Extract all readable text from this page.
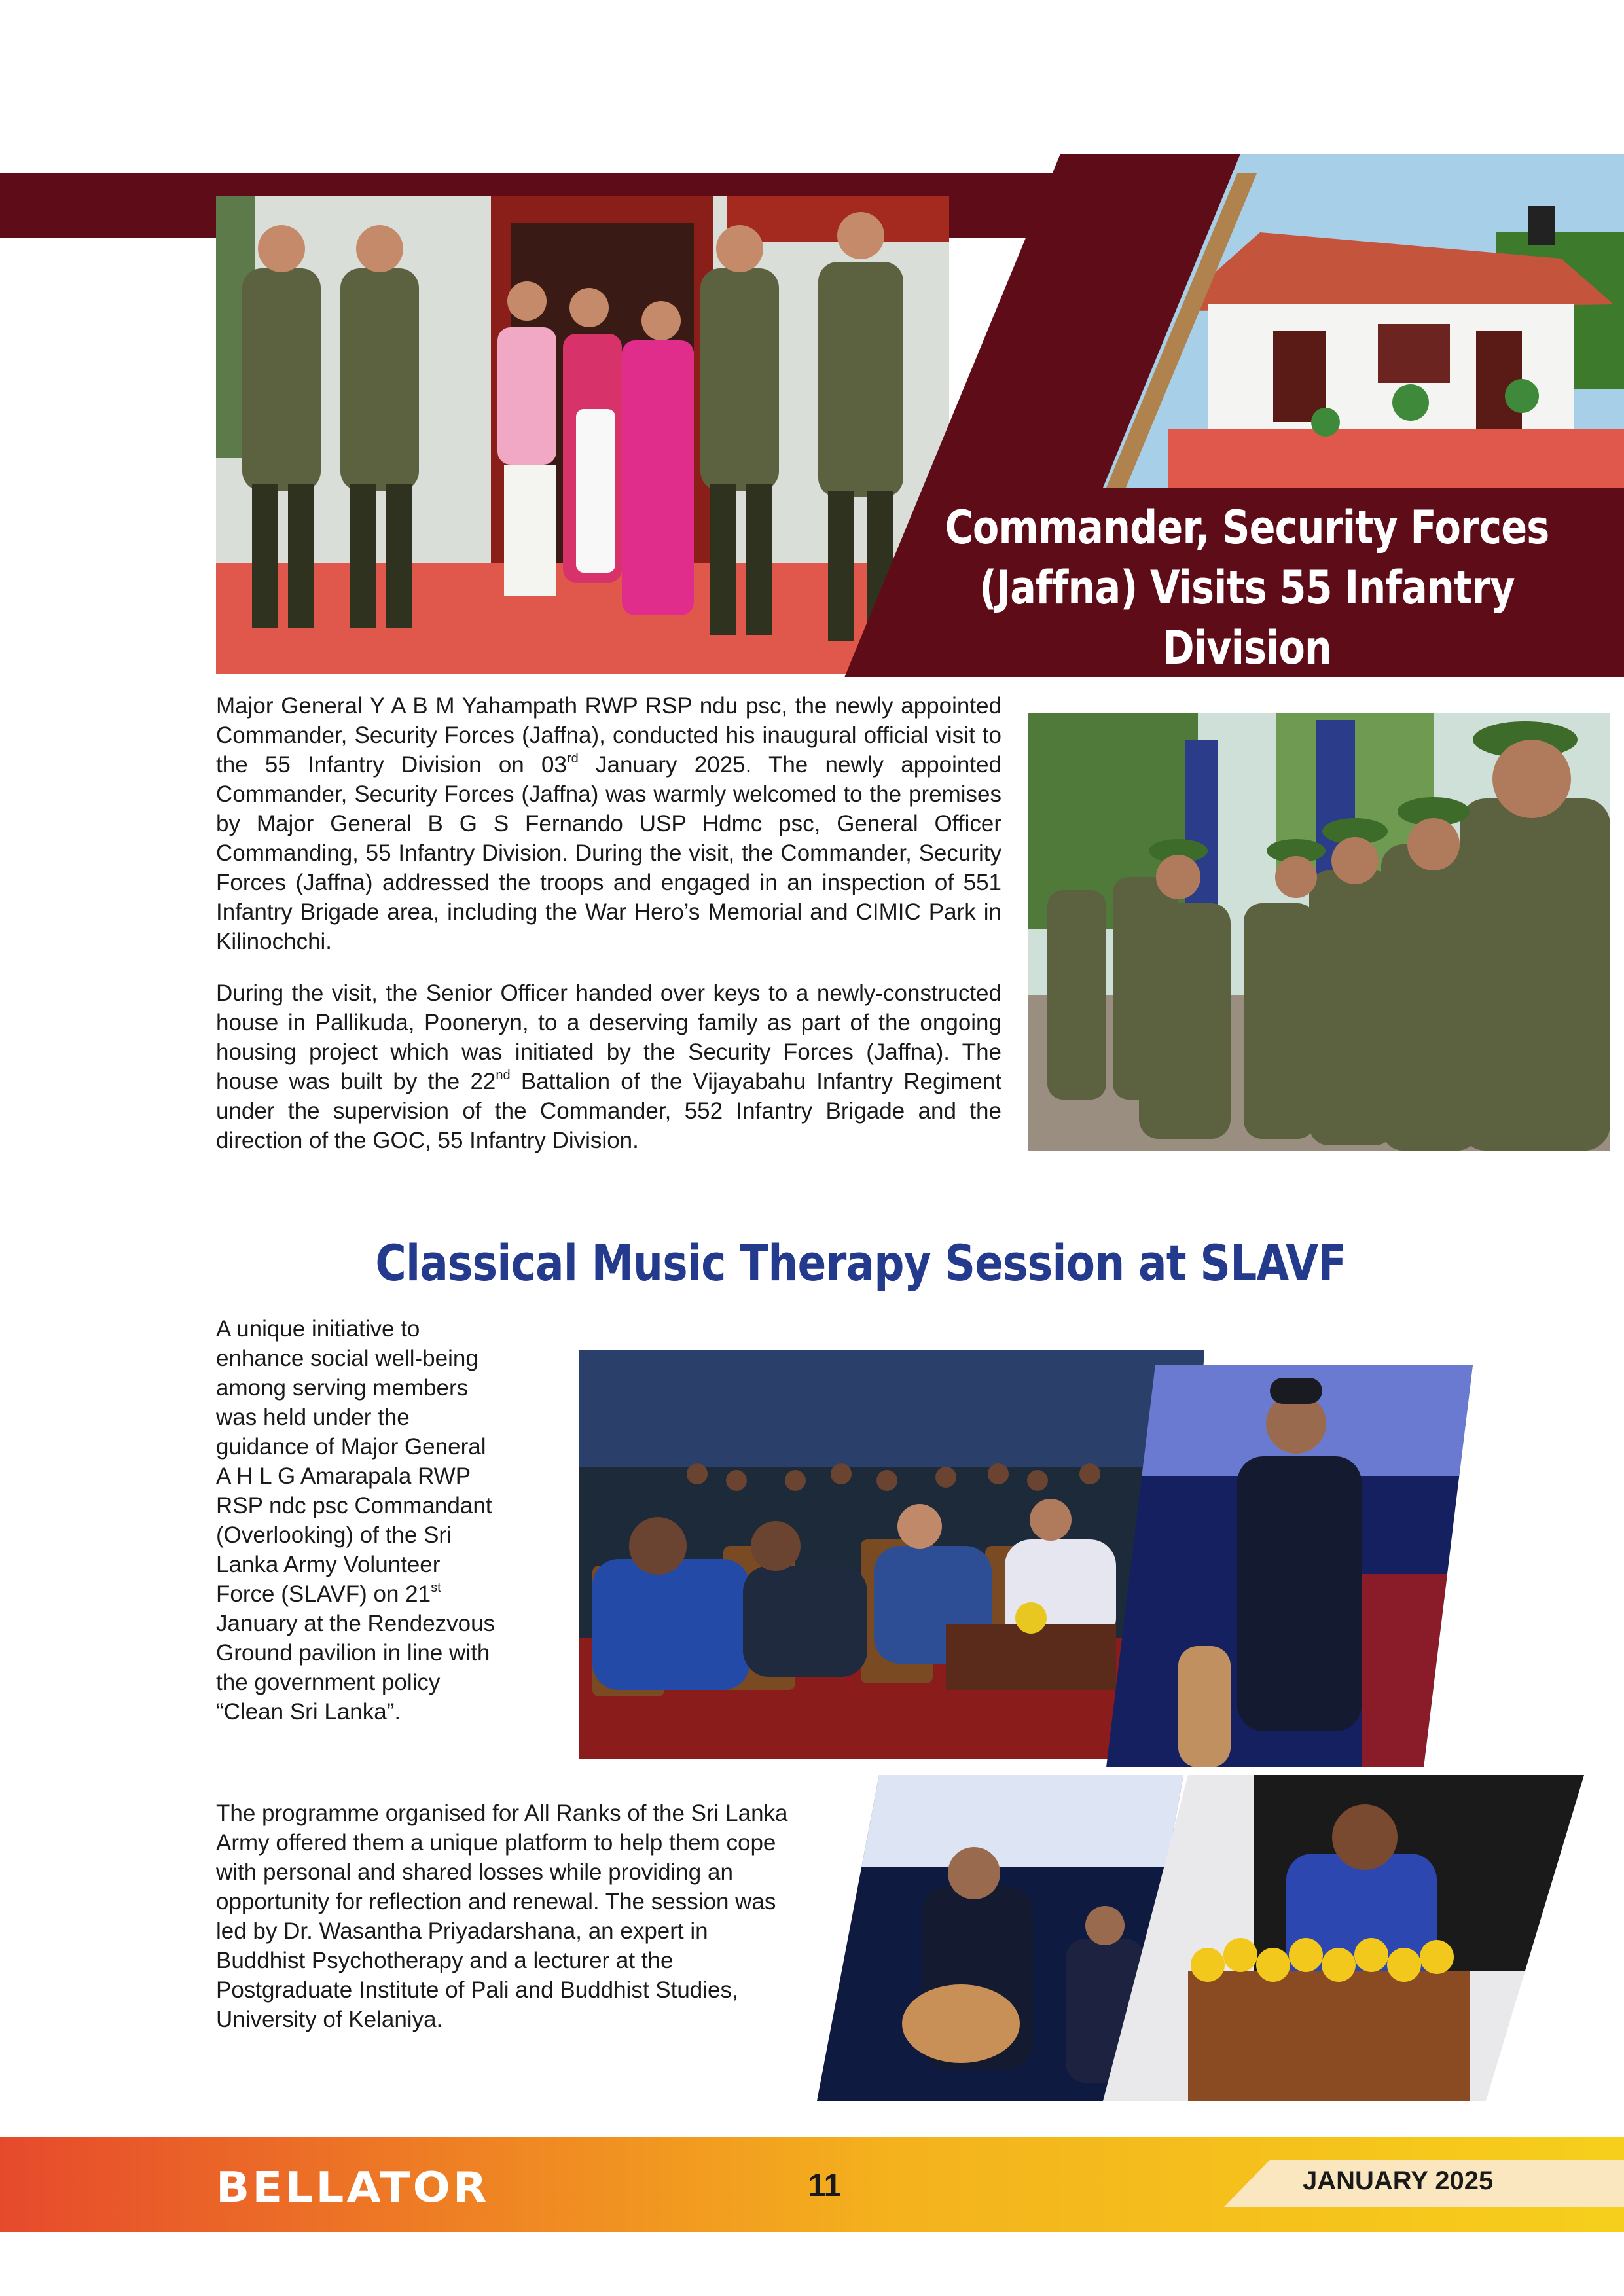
Commander, Security Forces (Jaffna) Visits 55 Infantry Division

Major General Y A B M Yahampath RWP RSP ndu psc, the newly appointed Commander, Security Forces (Jaffna), conducted his inaugural official visit to the 55 Infantry Division on 03rd January 2025. The newly appointed Commander, Security Forces (Jaffna) was warmly welcomed to the premises by Major General B G S Fernando USP Hdmc psc, General Officer Commanding, 55 Infantry Division. During the visit, the Commander, Security Forces (Jaffna) addressed the troops and engaged in an inspection of 551 Infantry Brigade area, including the War Hero’s Memorial and CIMIC Park in Kilinochchi.

During the visit, the Senior Officer handed over keys to a newly-constructed house in Pallikuda, Pooneryn, to a deserving family as part of the ongoing housing project which was initiated by the Security Forces (Jaffna). The house was built by the 22nd Battalion of the Vijayabahu Infantry Regiment under the supervision of the Commander, 552 Infantry Brigade and the direction of the GOC, 55 Infantry Division.

Classical Music Therapy Session at SLAVF

A unique initiative to enhance social well-being among serving members was held under the guidance of Major General A H L G Amarapala RWP RSP ndc psc Commandant (Overlooking) of the Sri Lanka Army Volunteer Force (SLAVF) on 21st January at the Rendezvous Ground pavilion in line with the government policy “Clean Sri Lanka”.

The programme organised for All Ranks of the Sri Lanka Army offered them a unique platform to help them cope with personal and shared losses while providing an opportunity for reflection and renewal. The session was led by Dr. Wasantha Priyadarshana, an expert in Buddhist Psychotherapy and a lecturer at the Postgraduate Institute of Pali and Buddhist Studies, University of Kelaniya.

BELLATOR	11	JANUARY 2025
